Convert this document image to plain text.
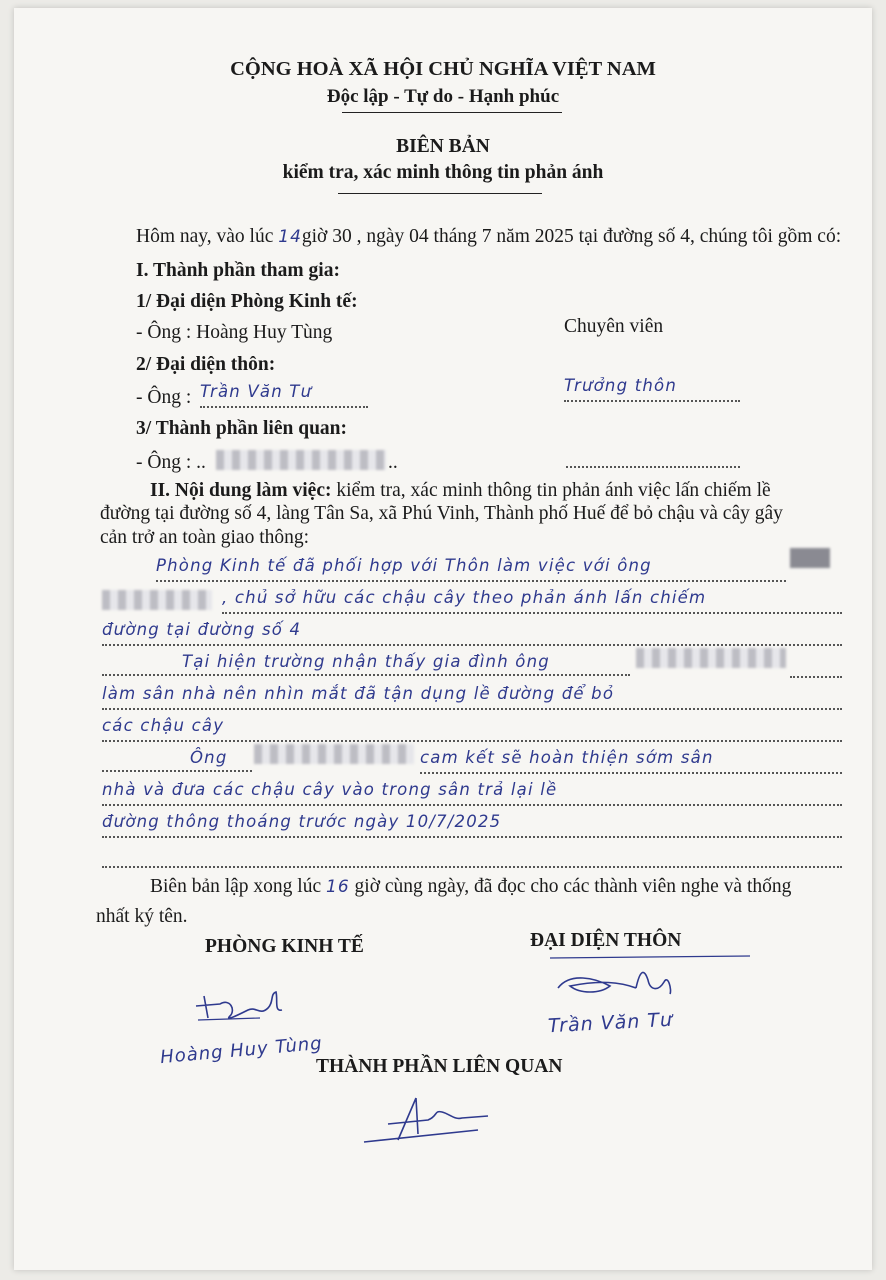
CỘNG HOÀ XÃ HỘI CHỦ NGHĨA VIỆT NAM
Độc lập - Tự do - Hạnh phúc
BIÊN BẢN
kiểm tra, xác minh thông tin phản ánh
Hôm nay, vào lúc 14giờ 30 , ngày 04 tháng 7 năm 2025 tại đường số 4, chúng tôi gồm có:
I. Thành phần tham gia:
1/ Đại diện Phòng Kinh tế:
- Ông : Hoàng Huy Tùng	Chuyên viên
2/ Đại diện thôn:
- Ông : Trần Văn Tư	Trưởng thôn
3/ Thành phần liên quan:
- Ông : ..	..
II. Nội dung làm việc: kiểm tra, xác minh thông tin phản ánh việc lấn chiếm lề
đường tại đường số 4, làng Tân Sa, xã Phú Vinh, Thành phố Huế để bỏ chậu và cây gây
cản trở an toàn giao thông:
Phòng Kinh tế đã phối hợp với Thôn làm việc với ông
, chủ sở hữu các chậu cây theo phản ánh lấn chiếm
đường tại đường số 4
Tại hiện trường nhận thấy gia đình ông
làm sân nhà nên nhìn mắt đã tận dụng lề đường để bỏ
các chậu cây
Ông	cam kết sẽ hoàn thiện sớm sân
nhà và đưa các chậu cây vào trong sân trả lại lề
đường thông thoáng trước ngày 10/7/2025
Biên bản lập xong lúc 16 giờ cùng ngày, đã đọc cho các thành viên nghe và thống
nhất ký tên.
PHÒNG KINH TẾ	ĐẠI DIỆN THÔN
Trần Văn Tư
Hoàng Huy Tùng
THÀNH PHẦN LIÊN QUAN
